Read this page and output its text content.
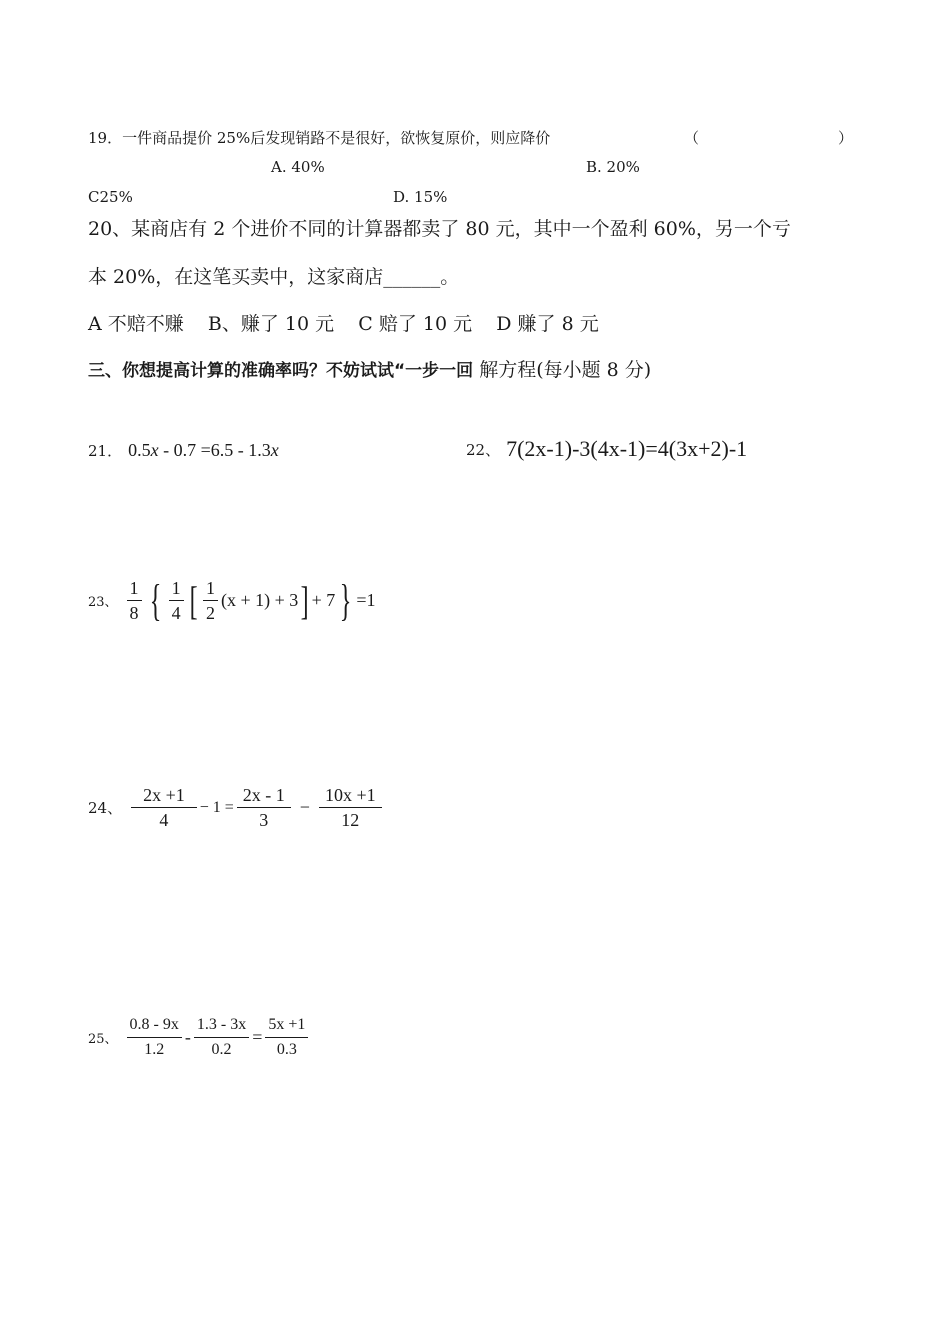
19．一件商品提价 25%后发现销路不是很好，欲恢复原价，则应降价	（	）
A. 40%	B. 20%
C25%	D. 15%
20、某商店有 2 个进价不同的计算器都卖了 80 元，其中一个盈利 60%，另一个亏
本 20%，在这笔买卖中，这家商店______。
A 不赔不赚    B、赚了 10 元    C 赔了 10 元    D 赚了 8 元
三、你想提高计算的准确率吗？不妨试试“一步一回 解方程(每小题 8 分)
21． 0.5 x - 0.7 =6.5 - 1.3 x	22、 7(2x-1)-3(4x-1)=4(3x+2)-1
23、 $\frac{1}{8}$ { $\frac{1}{4}$ [ $\frac{1}{2} (x + 1) + 3$ ] + 7 } =1
24、 $\frac{2x +1}{4} - 1 = \frac{2x - 1}{3} - \frac{10x +1}{12}$
25、 $\frac{0.8 - 9x}{1.2} - \frac{1.3 - 3x}{0.2} = \frac{5x +1}{0.3}$
